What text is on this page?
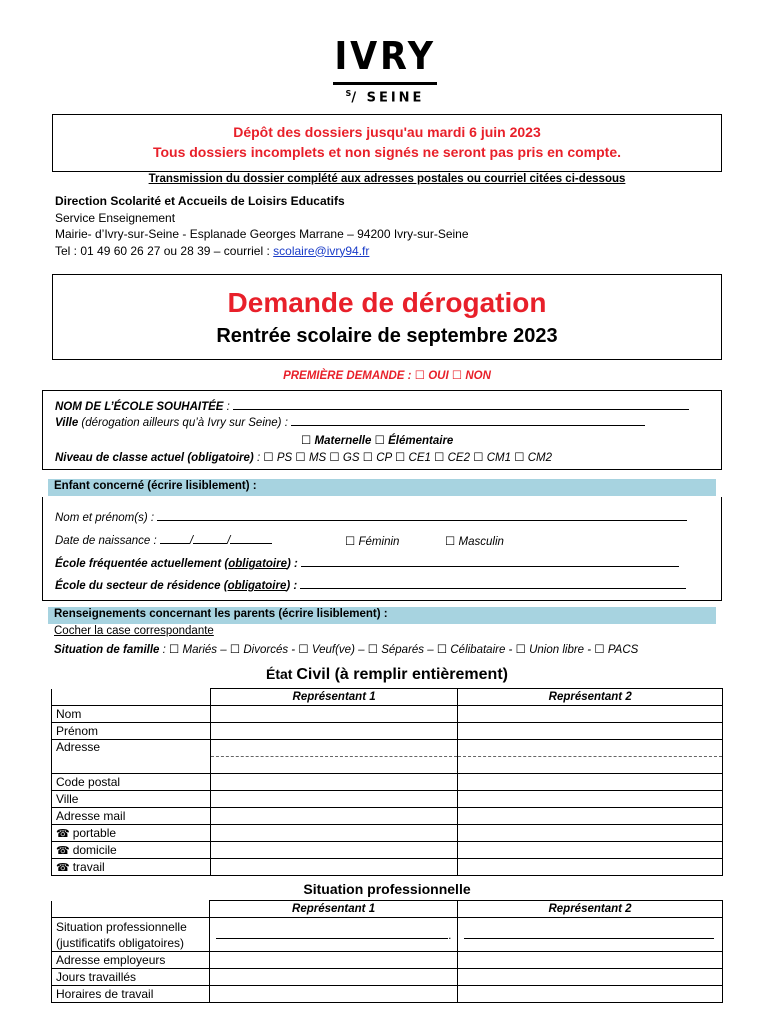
IVRY
$^S$/ SEINE
Dépôt des dossiers jusqu'au mardi 6 juin 2023
Tous dossiers incomplets et non signés ne seront pas pris en compte.
Transmission du dossier complété aux adresses postales ou courriel citées ci-dessous
Direction Scolarité et Accueils de Loisirs Educatifs
Service Enseignement
Mairie- d’Ivry-sur-Seine - Esplanade Georges Marrane – 94200 Ivry-sur-Seine
Tel : 01 49 60 26 27 ou 28 39 – courriel : scolaire@ivry94.fr
Demande de dérogation
Rentrée scolaire de septembre 2023
PREMIÈRE DEMANDE : ☐ OUI ☐ NON
NOM DE L’ÉCOLE SOUHAITÉE :
Ville (dérogation ailleurs qu’à Ivry sur Seine) :
☐ Maternelle ☐ Élémentaire
Niveau de classe actuel (obligatoire) : ☐ PS ☐ MS ☐ GS ☐ CP ☐ CE1 ☐ CE2 ☐ CM1 ☐ CM2
Enfant concerné (écrire lisiblement) :
Nom et prénom(s) :
Date de naissance :	/	/	☐ Féminin	☐ Masculin
École fréquentée actuellement (obligatoire) :
École du secteur de résidence (obligatoire) :
Renseignements concernant les parents (écrire lisiblement) :
Cocher la case correspondante
Situation de famille : ☐ Mariés – ☐ Divorcés - ☐ Veuf(ve) – ☐ Séparés – ☐ Célibataire - ☐ Union libre - ☐ PACS
État Civil (à remplir entièrement)
	Représentant 1	Représentant 2
Nom		
Prénom		
Adresse		

Code postal		
Ville		
Adresse mail		
☎ portable		
☎ domicile		
☎ travail		
Situation professionnelle
	Représentant 1	Représentant 2

Situation professionnelle
(justificatifs obligatoires)	.	
Adresse employeurs		
Jours travaillés		
Horaires de travail		
